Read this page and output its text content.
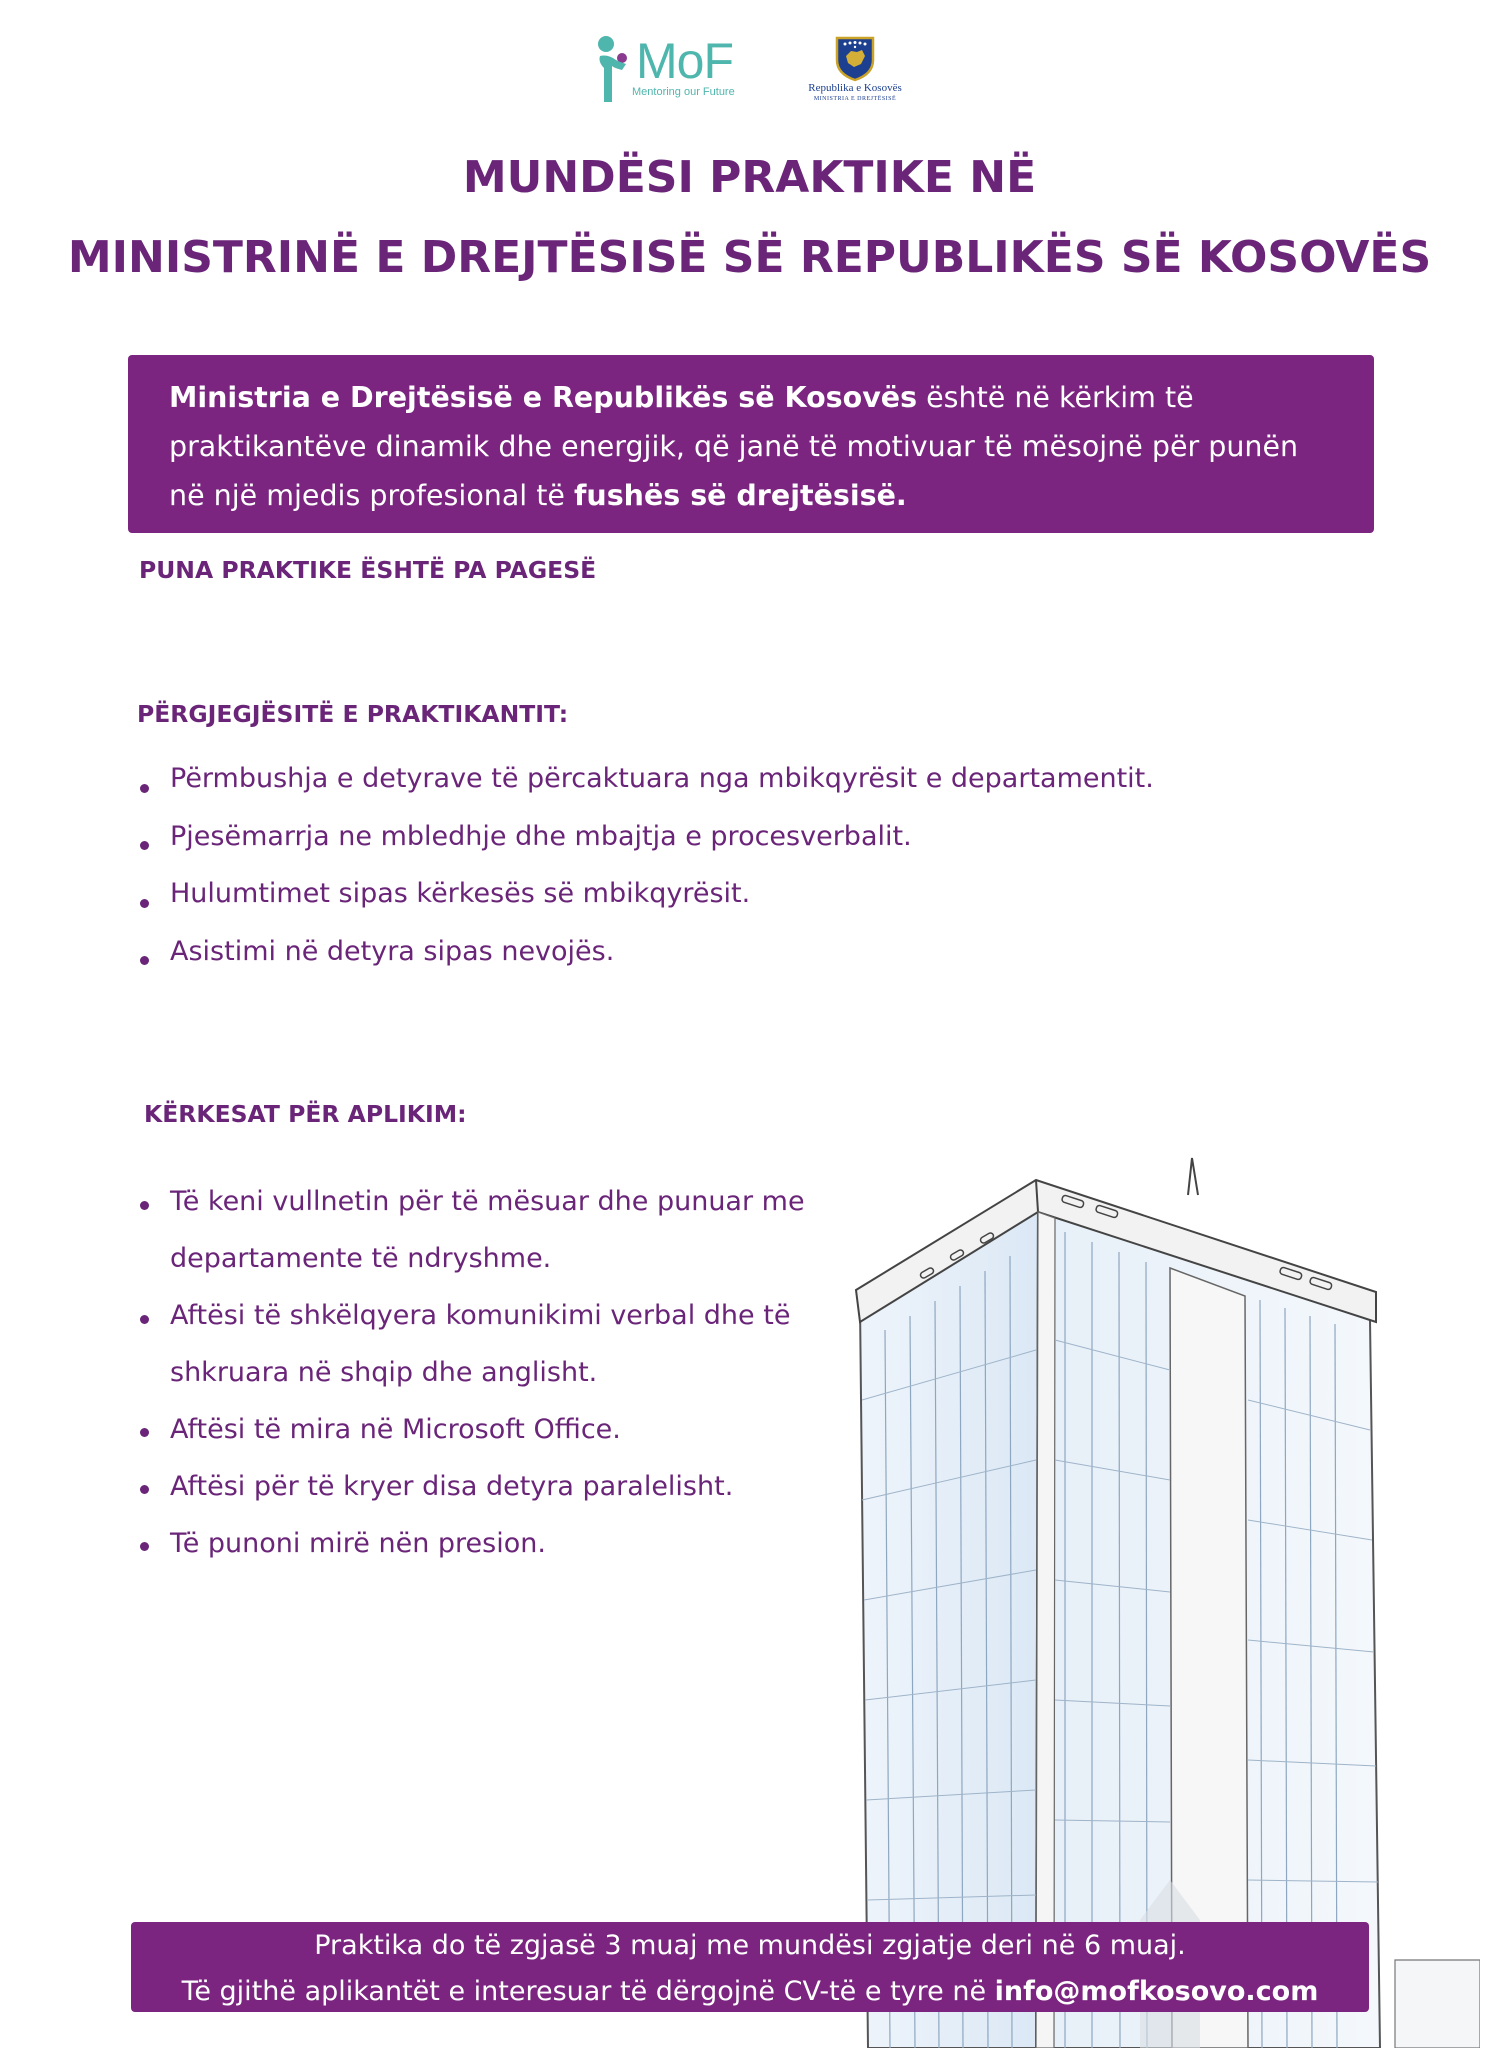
MoF
Mentoring our Future	Republika e Kosovës
MINISTRIA E DREJTËSISË
MUNDËSI PRAKTIKE NË
MINISTRINË E DREJTËSISË SË REPUBLIKËS SË KOSOVËS
Ministria e Drejtësisë e Republikës së Kosovës është në kërkim të praktikantëve dinamik dhe energjik, që janë të motivuar të mësojnë për punën në një mjedis profesional të fushës së drejtësisë.
PUNA PRAKTIKE ËSHTË PA PAGESË
PËRGJEGJËSITË E PRAKTIKANTIT:
Përmbushja e detyrave të përcaktuara nga mbikqyrësit e departamentit.
Pjesëmarrja ne mbledhje dhe mbajtja e procesverbalit.
Hulumtimet sipas kërkesës së mbikqyrësit.
Asistimi në detyra sipas nevojës.
KËRKESAT PËR APLIKIM:
Të keni vullnetin për të mësuar dhe punuar me departamente të ndryshme.
Aftësi të shkëlqyera komunikimi verbal dhe të shkruara në shqip dhe anglisht.
Aftësi të mira në Microsoft Office.
Aftësi për të kryer disa detyra paralelisht.
Të punoni mirë nën presion.
Praktika do të zgjasë 3 muaj me mundësi zgjatje deri në 6 muaj.
Të gjithë aplikantët e interesuar të dërgojnë CV-të e tyre në info@mofkosovo.com
